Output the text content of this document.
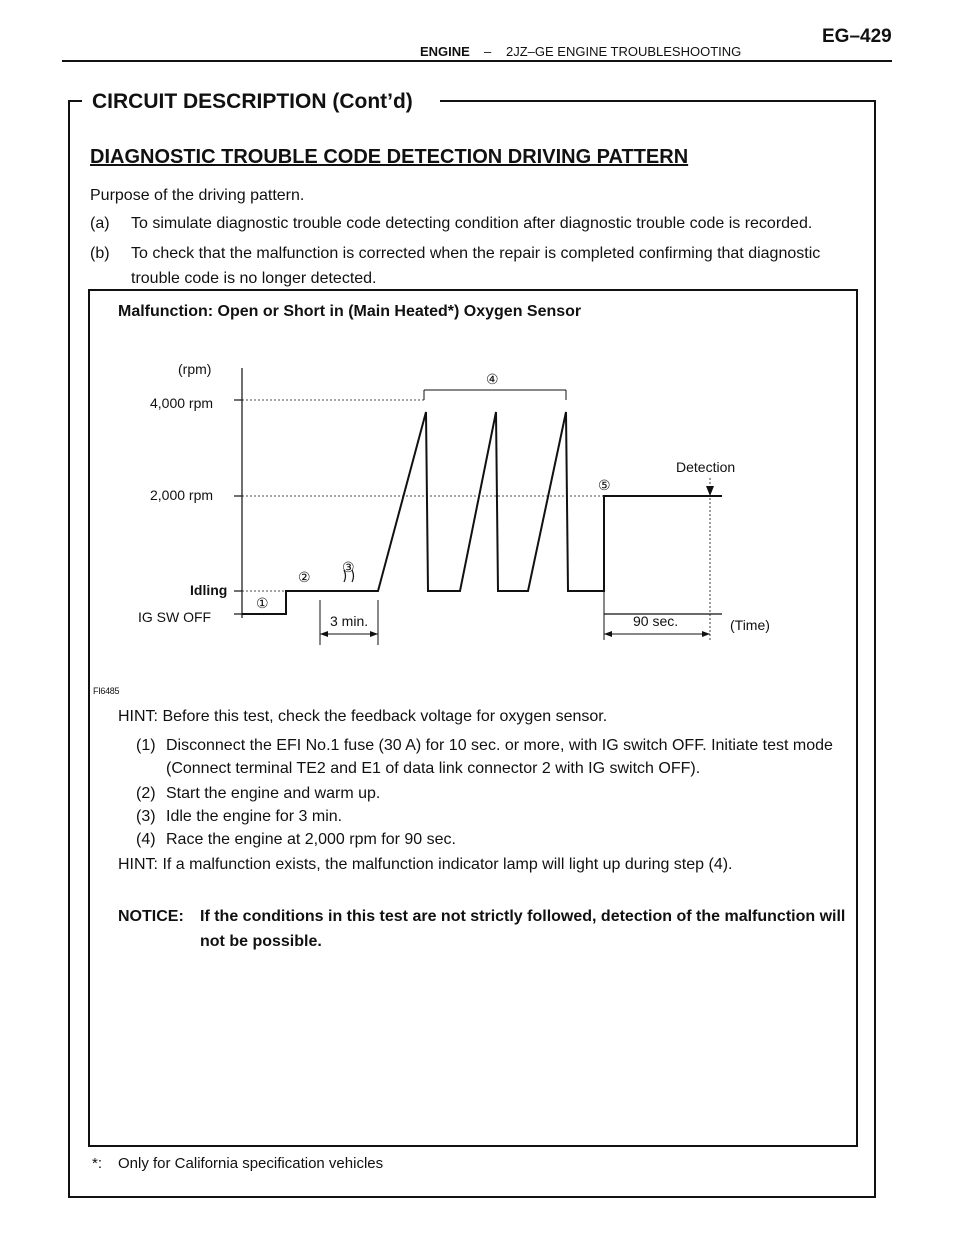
ENGINE – 2JZ–GE ENGINE TROUBLESHOOTING
EG–429
CIRCUIT DESCRIPTION (Cont’d)
DIAGNOSTIC TROUBLE CODE DETECTION DRIVING PATTERN
Purpose of the driving pattern.
(a) To simulate diagnostic trouble code detecting condition after diagnostic trouble code is recorded.
(b) To check that the malfunction is corrected when the repair is completed confirming that diagnostic trouble code is no longer detected.
Malfunction: Open or Short in (Main Heated*) Oxygen Sensor
(rpm)
4,000 rpm
2,000 rpm
Idling
IG SW OFF	(Time)
3 min.	90 sec.
Detection
①
②
③
④
⑤
FI6485
HINT: Before this test, check the feedback voltage for oxygen sensor.
(1) Disconnect the EFI No.1 fuse (30 A) for 10 sec. or more, with IG switch OFF. Initiate test mode (Connect terminal TE2 and E1 of data link connector 2 with IG switch OFF).
(2) Start the engine and warm up.
(3) Idle the engine for 3 min.
(4) Race the engine at 2,000 rpm for 90 sec.
HINT: If a malfunction exists, the malfunction indicator lamp will light up during step (4).
NOTICE: If the conditions in this test are not strictly followed, detection of the malfunction will not be possible.
*: Only for California specification vehicles
